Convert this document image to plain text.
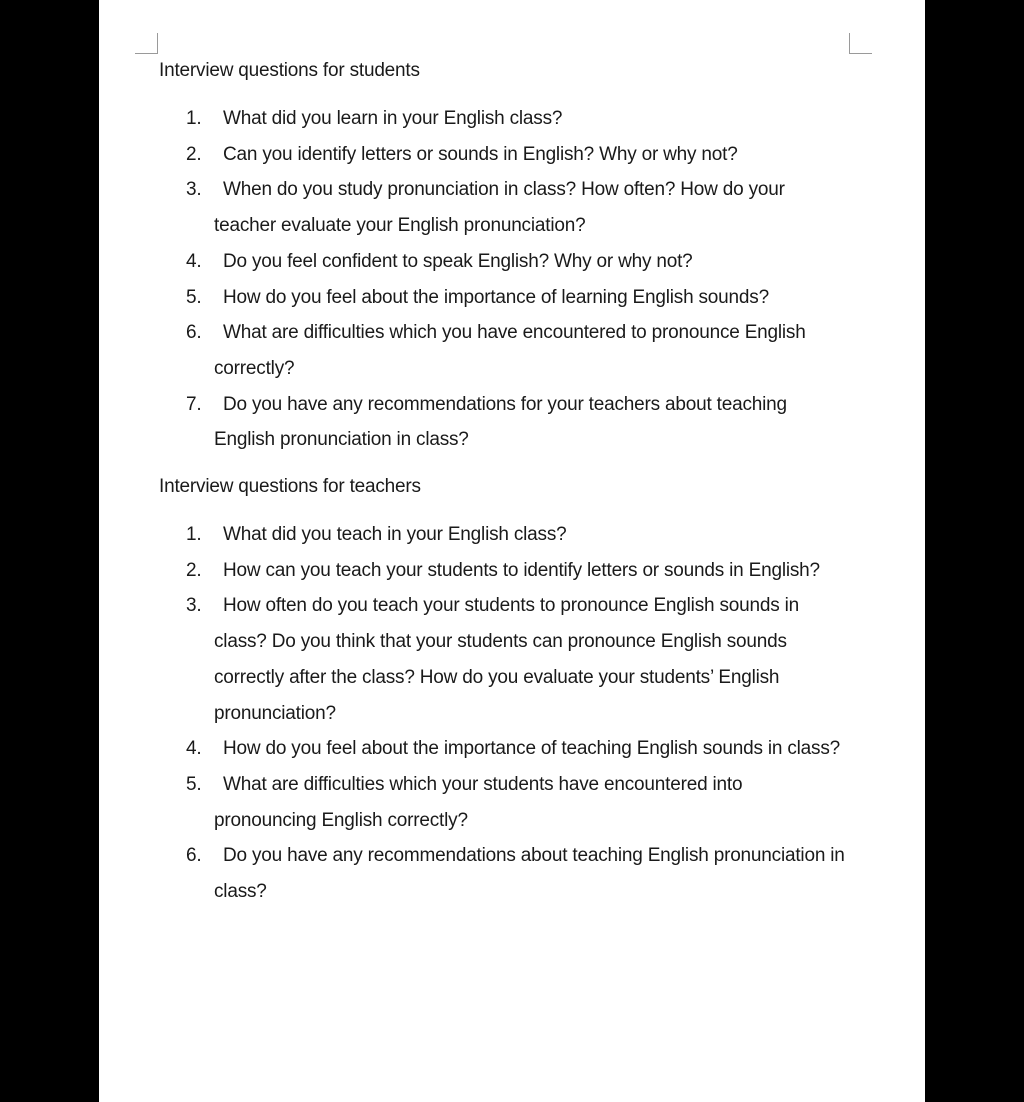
Interview questions for students
1.	What did you learn in your English class?
2.	Can you identify letters or sounds in English? Why or why not?
3.	When do you study pronunciation in class? How often? How do your teacher evaluate your English pronunciation?
4.	Do you feel confident to speak English? Why or why not?
5.	How do you feel about the importance of learning English sounds?
6.	What are difficulties which you have encountered to pronounce English correctly?
7.	Do you have any recommendations for your teachers about teaching English pronunciation in class?
Interview questions for teachers
1.	What did you teach in your English class?
2.	How can you teach your students to identify letters or sounds in English?
3.	How often do you teach your students to pronounce English sounds in class? Do you think that your students can pronounce English sounds correctly after the class? How do you evaluate your students’ English pronunciation?
4.	How do you feel about the importance of teaching English sounds in class?
5.	What are difficulties which your students have encountered into pronouncing English correctly?
6.	Do you have any recommendations about teaching English pronunciation in class?
